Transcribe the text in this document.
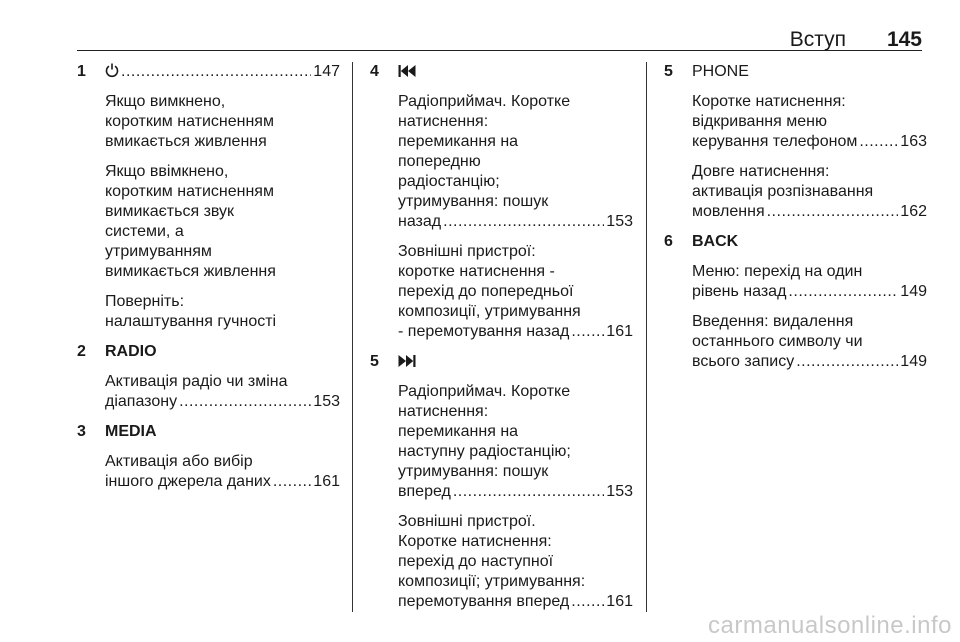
Вступ 145
1 .....	147
Якщо вимкнено,
коротким натисненням
вмикається живлення
Якщо ввімкнено,
коротким натисненням
вимикається звук
системи, а
утримуванням
вимикається живлення
Поверніть:
налаштування гучності
2 RADIO
Активація радіо чи зміна
діапазону .....	153
3 MEDIA
Активація або вибір
іншого джерела даних .....	161
4
Радіоприймач. Коротке
натиснення:
перемикання на
попередню
радіостанцію;
утримування: пошук
назад .....	153
Зовнішні пристрої:
коротке натиснення -
перехід до попередньої
композиції, утримування
- перемотування назад ..... 161
5
Радіоприймач. Коротке
натиснення:
перемикання на
наступну радіостанцію;
утримування: пошук
вперед .....	153
Зовнішні пристрої.
Коротке натиснення:
перехід до наступної
композиції; утримування:
перемотування вперед ..... 161
5 PHONE
Коротке натиснення:
відкривання меню
керування телефоном .....	163
Довге натиснення:
активація розпізнавання
мовлення .....	162
6 BACK
Меню: перехід на один
рівень назад .....	149
Введення: видалення
останнього символу чи
всього запису .....	149
carmanualsonline.info
